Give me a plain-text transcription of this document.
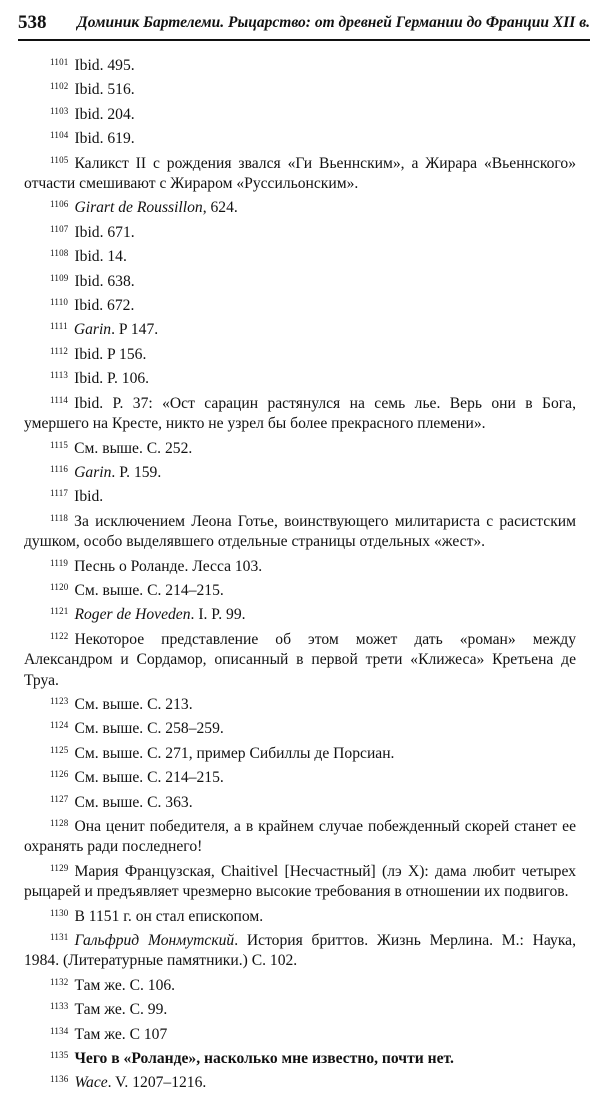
538 Доминик Бартелеми. Рыцарство: от древней Германии до Франции XII в.
$^{1101}$ Ibid. 495.
$^{1102}$ Ibid. 516.
$^{1103}$ Ibid. 204.
$^{1104}$ Ibid. 619.
$^{1105}$ Каликст II с рождения звался «Ги Вьеннским», а Жирара «Вьеннского» отчасти смешивают с Жираром «Руссильонским».
$^{1106}$ Girart de Roussillon, 624.
$^{1107}$ Ibid. 671.
$^{1108}$ Ibid. 14.
$^{1109}$ Ibid. 638.
$^{1110}$ Ibid. 672.
$^{1111}$ Garin. P 147.
$^{1112}$ Ibid. P 156.
$^{1113}$ Ibid. P. 106.
$^{1114}$ Ibid. P. 37: «Ост сарацин растянулся на семь лье. Верь они в Бога, умершего на Кресте, никто не узрел бы более прекрасного племени».
$^{1115}$ См. выше. С. 252.
$^{1116}$ Garin. P. 159.
$^{1117}$ Ibid.
$^{1118}$ За исключением Леона Готье, воинствующего милитариста с расистским душком, особо выделявшего отдельные страницы отдельных «жест».
$^{1119}$ Песнь о Роланде. Лесса 103.
$^{1120}$ См. выше. С. 214–215.
$^{1121}$ Roger de Hoveden. I. P. 99.
$^{1122}$ Некоторое представление об этом может дать «роман» между Александром и Сордамор, описанный в первой трети «Клижеса» Кретьена де Труа.
$^{1123}$ См. выше. С. 213.
$^{1124}$ См. выше. С. 258–259.
$^{1125}$ См. выше. С. 271, пример Сибиллы де Порсиан.
$^{1126}$ См. выше. С. 214–215.
$^{1127}$ См. выше. С. 363.
$^{1128}$ Она ценит победителя, а в крайнем случае побежденный скорей станет ее охранять ради последнего!
$^{1129}$ Мария Французская, Chaitivel [Несчастный] (лэ X): дама любит четырех рыцарей и предъявляет чрезмерно высокие требования в отношении их подвигов.
$^{1130}$ В 1151 г. он стал епископом.
$^{1131}$ Гальфрид Монмутский. История бриттов. Жизнь Мерлина. М.: Наука, 1984. (Литературные памятники.) С. 102.
$^{1132}$ Там же. С. 106.
$^{1133}$ Там же. С. 99.
$^{1134}$ Там же. С 107
$^{1135}$ Чего в «Роланде», насколько мне известно, почти нет.
$^{1136}$ Wace. V. 1207–1216.
